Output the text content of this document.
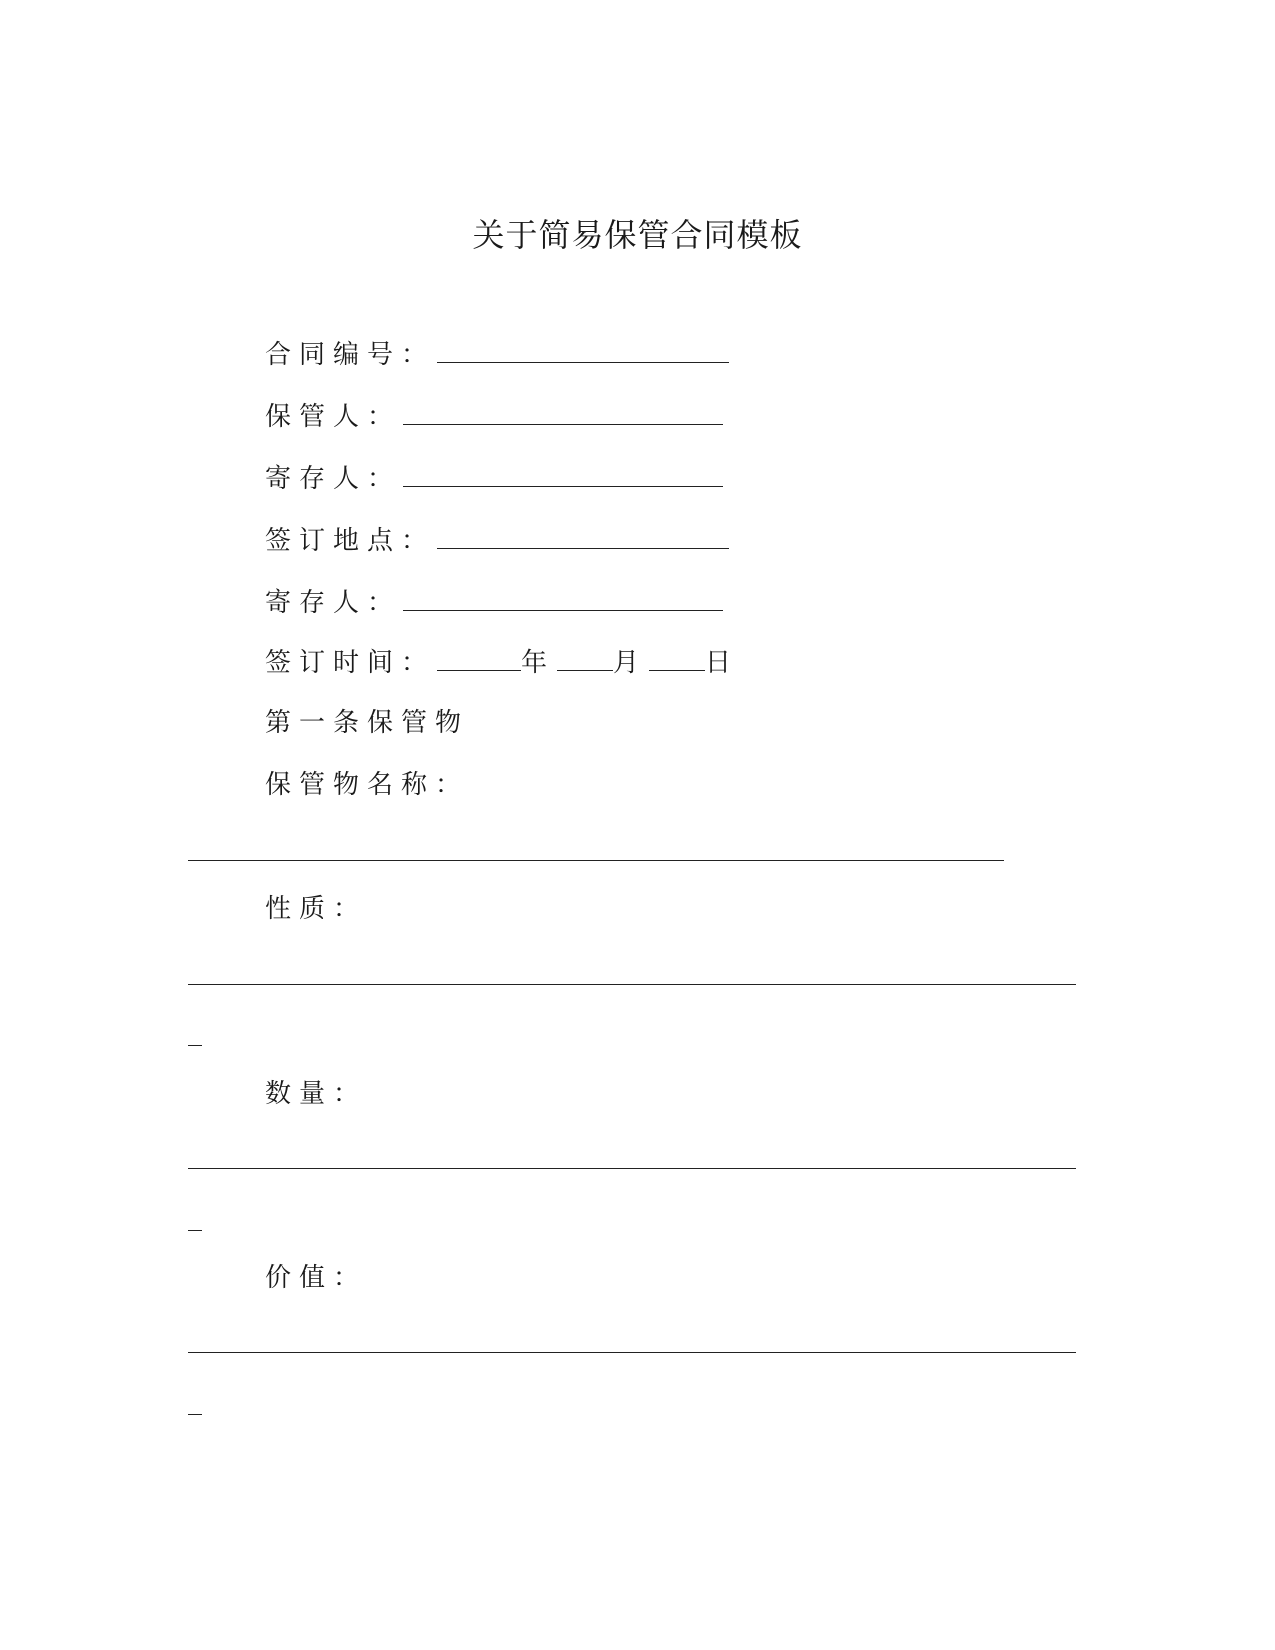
关于简易保管合同模板
合同编号：
保管人：
寄存人：
签订地点：
寄存人：
签订时间：	年 月 日
第一条保管物
保管物名称：
性质：
数量：
价值：
